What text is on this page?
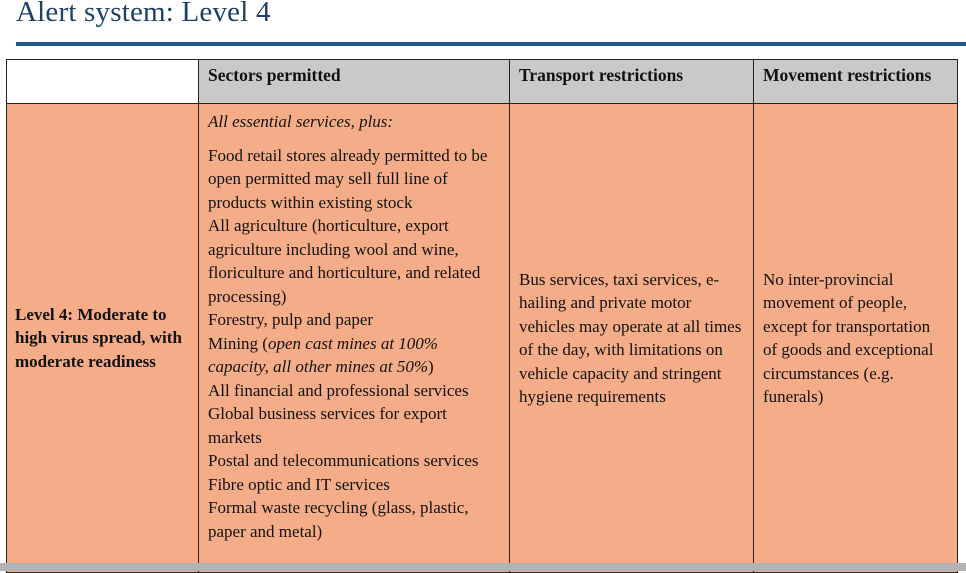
Alert system: Level 4
Sectors permitted	Transport restrictions	Movement restrictions
Level 4: Moderate to high virus spread, with moderate readiness
All essential services, plus:
Food retail stores already permitted to be open permitted may sell full line of products within existing stock
All agriculture (horticulture, export agriculture including wool and wine, floriculture and horticulture, and related processing)
Forestry, pulp and paper
Mining (open cast mines at 100% capacity, all other mines at 50%)
All financial and professional services
Global business services for export markets
Postal and telecommunications services
Fibre optic and IT services
Formal waste recycling (glass, plastic, paper and metal)
Bus services, taxi services, e-hailing and private motor vehicles may operate at all times of the day, with limitations on vehicle capacity and stringent hygiene requirements
No inter-provincial movement of people, except for transportation of goods and exceptional circumstances (e.g. funerals)
